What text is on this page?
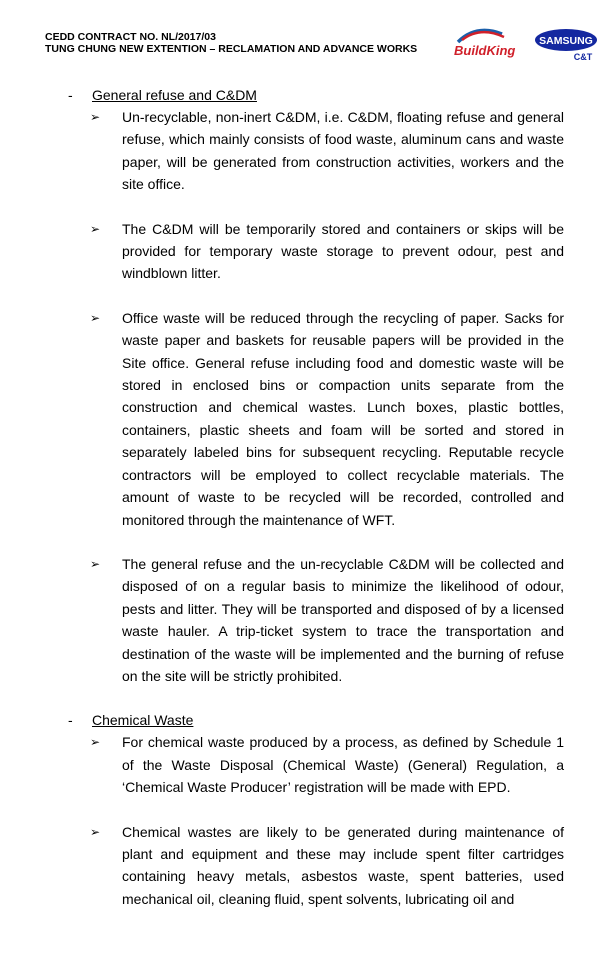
CEDD CONTRACT NO. NL/2017/03
TUNG CHUNG NEW EXTENTION – RECLAMATION AND ADVANCE WORKS	BuildKing
SAMSUNG
C&T
- General refuse and C&DM
➢ Un-recyclable, non-inert C&DM, i.e. C&DM, floating refuse and general refuse, which mainly consists of food waste, aluminum cans and waste paper, will be generated from construction activities, workers and the site office.
➢ The C&DM will be temporarily stored and containers or skips will be provided for temporary waste storage to prevent odour, pest and windblown litter.
➢ Office waste will be reduced through the recycling of paper. Sacks for waste paper and baskets for reusable papers will be provided in the Site office. General refuse including food and domestic waste will be stored in enclosed bins or compaction units separate from the construction and chemical wastes. Lunch boxes, plastic bottles, containers, plastic sheets and foam will be sorted and stored in separately labeled bins for subsequent recycling. Reputable recycle contractors will be employed to collect recyclable materials. The amount of waste to be recycled will be recorded, controlled and monitored through the maintenance of WFT.
➢ The general refuse and the un-recyclable C&DM will be collected and disposed of on a regular basis to minimize the likelihood of odour, pests and litter. They will be transported and disposed of by a licensed waste hauler. A trip-ticket system to trace the transportation and destination of the waste will be implemented and the burning of refuse on the site will be strictly prohibited.
- Chemical Waste
➢ For chemical waste produced by a process, as defined by Schedule 1 of the Waste Disposal (Chemical Waste) (General) Regulation, a ‘Chemical Waste Producer’ registration will be made with EPD.
➢ Chemical wastes are likely to be generated during maintenance of plant and equipment and these may include spent filter cartridges containing heavy metals, asbestos waste, spent batteries, used mechanical oil, cleaning fluid, spent solvents, lubricating oil and
